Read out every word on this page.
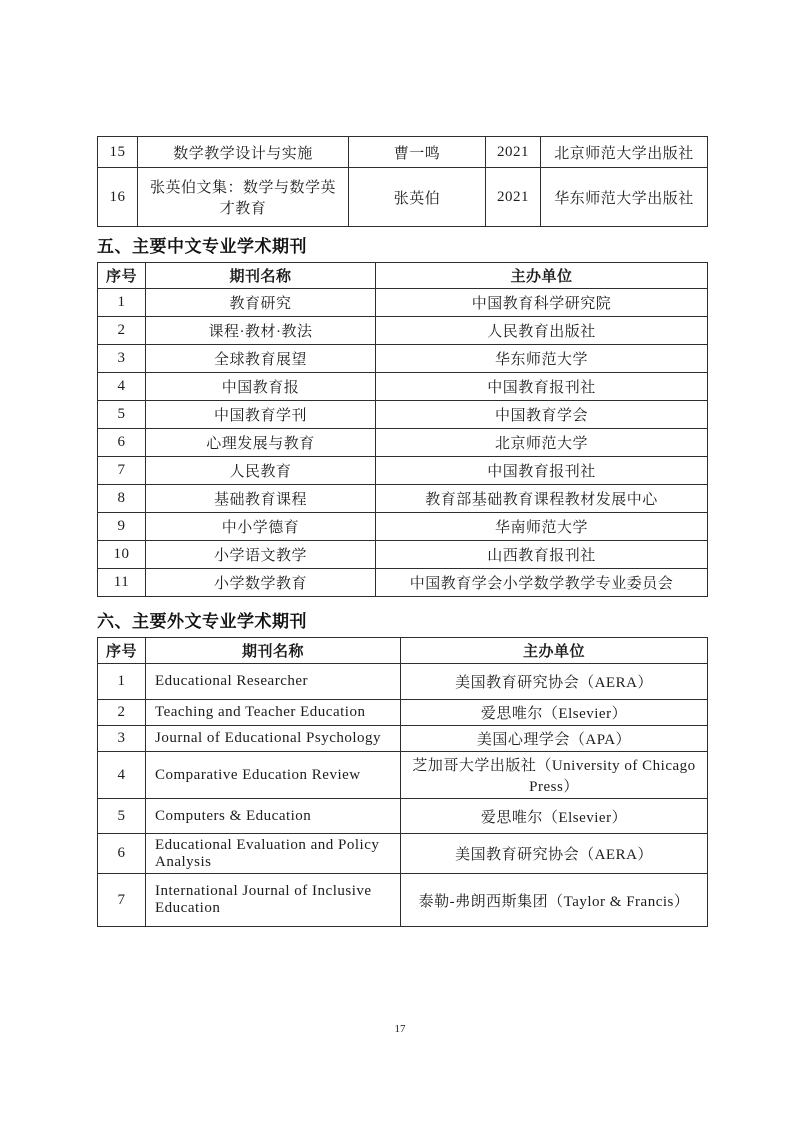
15	数学教学设计与实施	曹一鸣	2021	北京师范大学出版社
16	张英伯文集：数学与数学英才教育	张英伯	2021	华东师范大学出版社
五、主要中文专业学术期刊
序号	期刊名称	主办单位
1	教育研究	中国教育科学研究院
2	课程·教材·教法	人民教育出版社
3	全球教育展望	华东师范大学
4	中国教育报	中国教育报刊社
5	中国教育学刊	中国教育学会
6	心理发展与教育	北京师范大学
7	人民教育	中国教育报刊社
8	基础教育课程	教育部基础教育课程教材发展中心
9	中小学德育	华南师范大学
10	小学语文教学	山西教育报刊社
11	小学数学教育	中国教育学会小学数学教学专业委员会
六、主要外文专业学术期刊
序号	期刊名称	主办单位
1	Educational Researcher	美国教育研究协会（AERA）
2	Teaching and Teacher Education	爱思唯尔（Elsevier）
3	Journal of Educational Psychology	美国心理学会（APA）
4	Comparative Education Review	芝加哥大学出版社（University of Chicago Press）
5	Computers & Education	爱思唯尔（Elsevier）
6	Educational Evaluation and Policy Analysis	美国教育研究协会（AERA）
7	International Journal of Inclusive Education	泰勒-弗朗西斯集团（Taylor & Francis）
17
